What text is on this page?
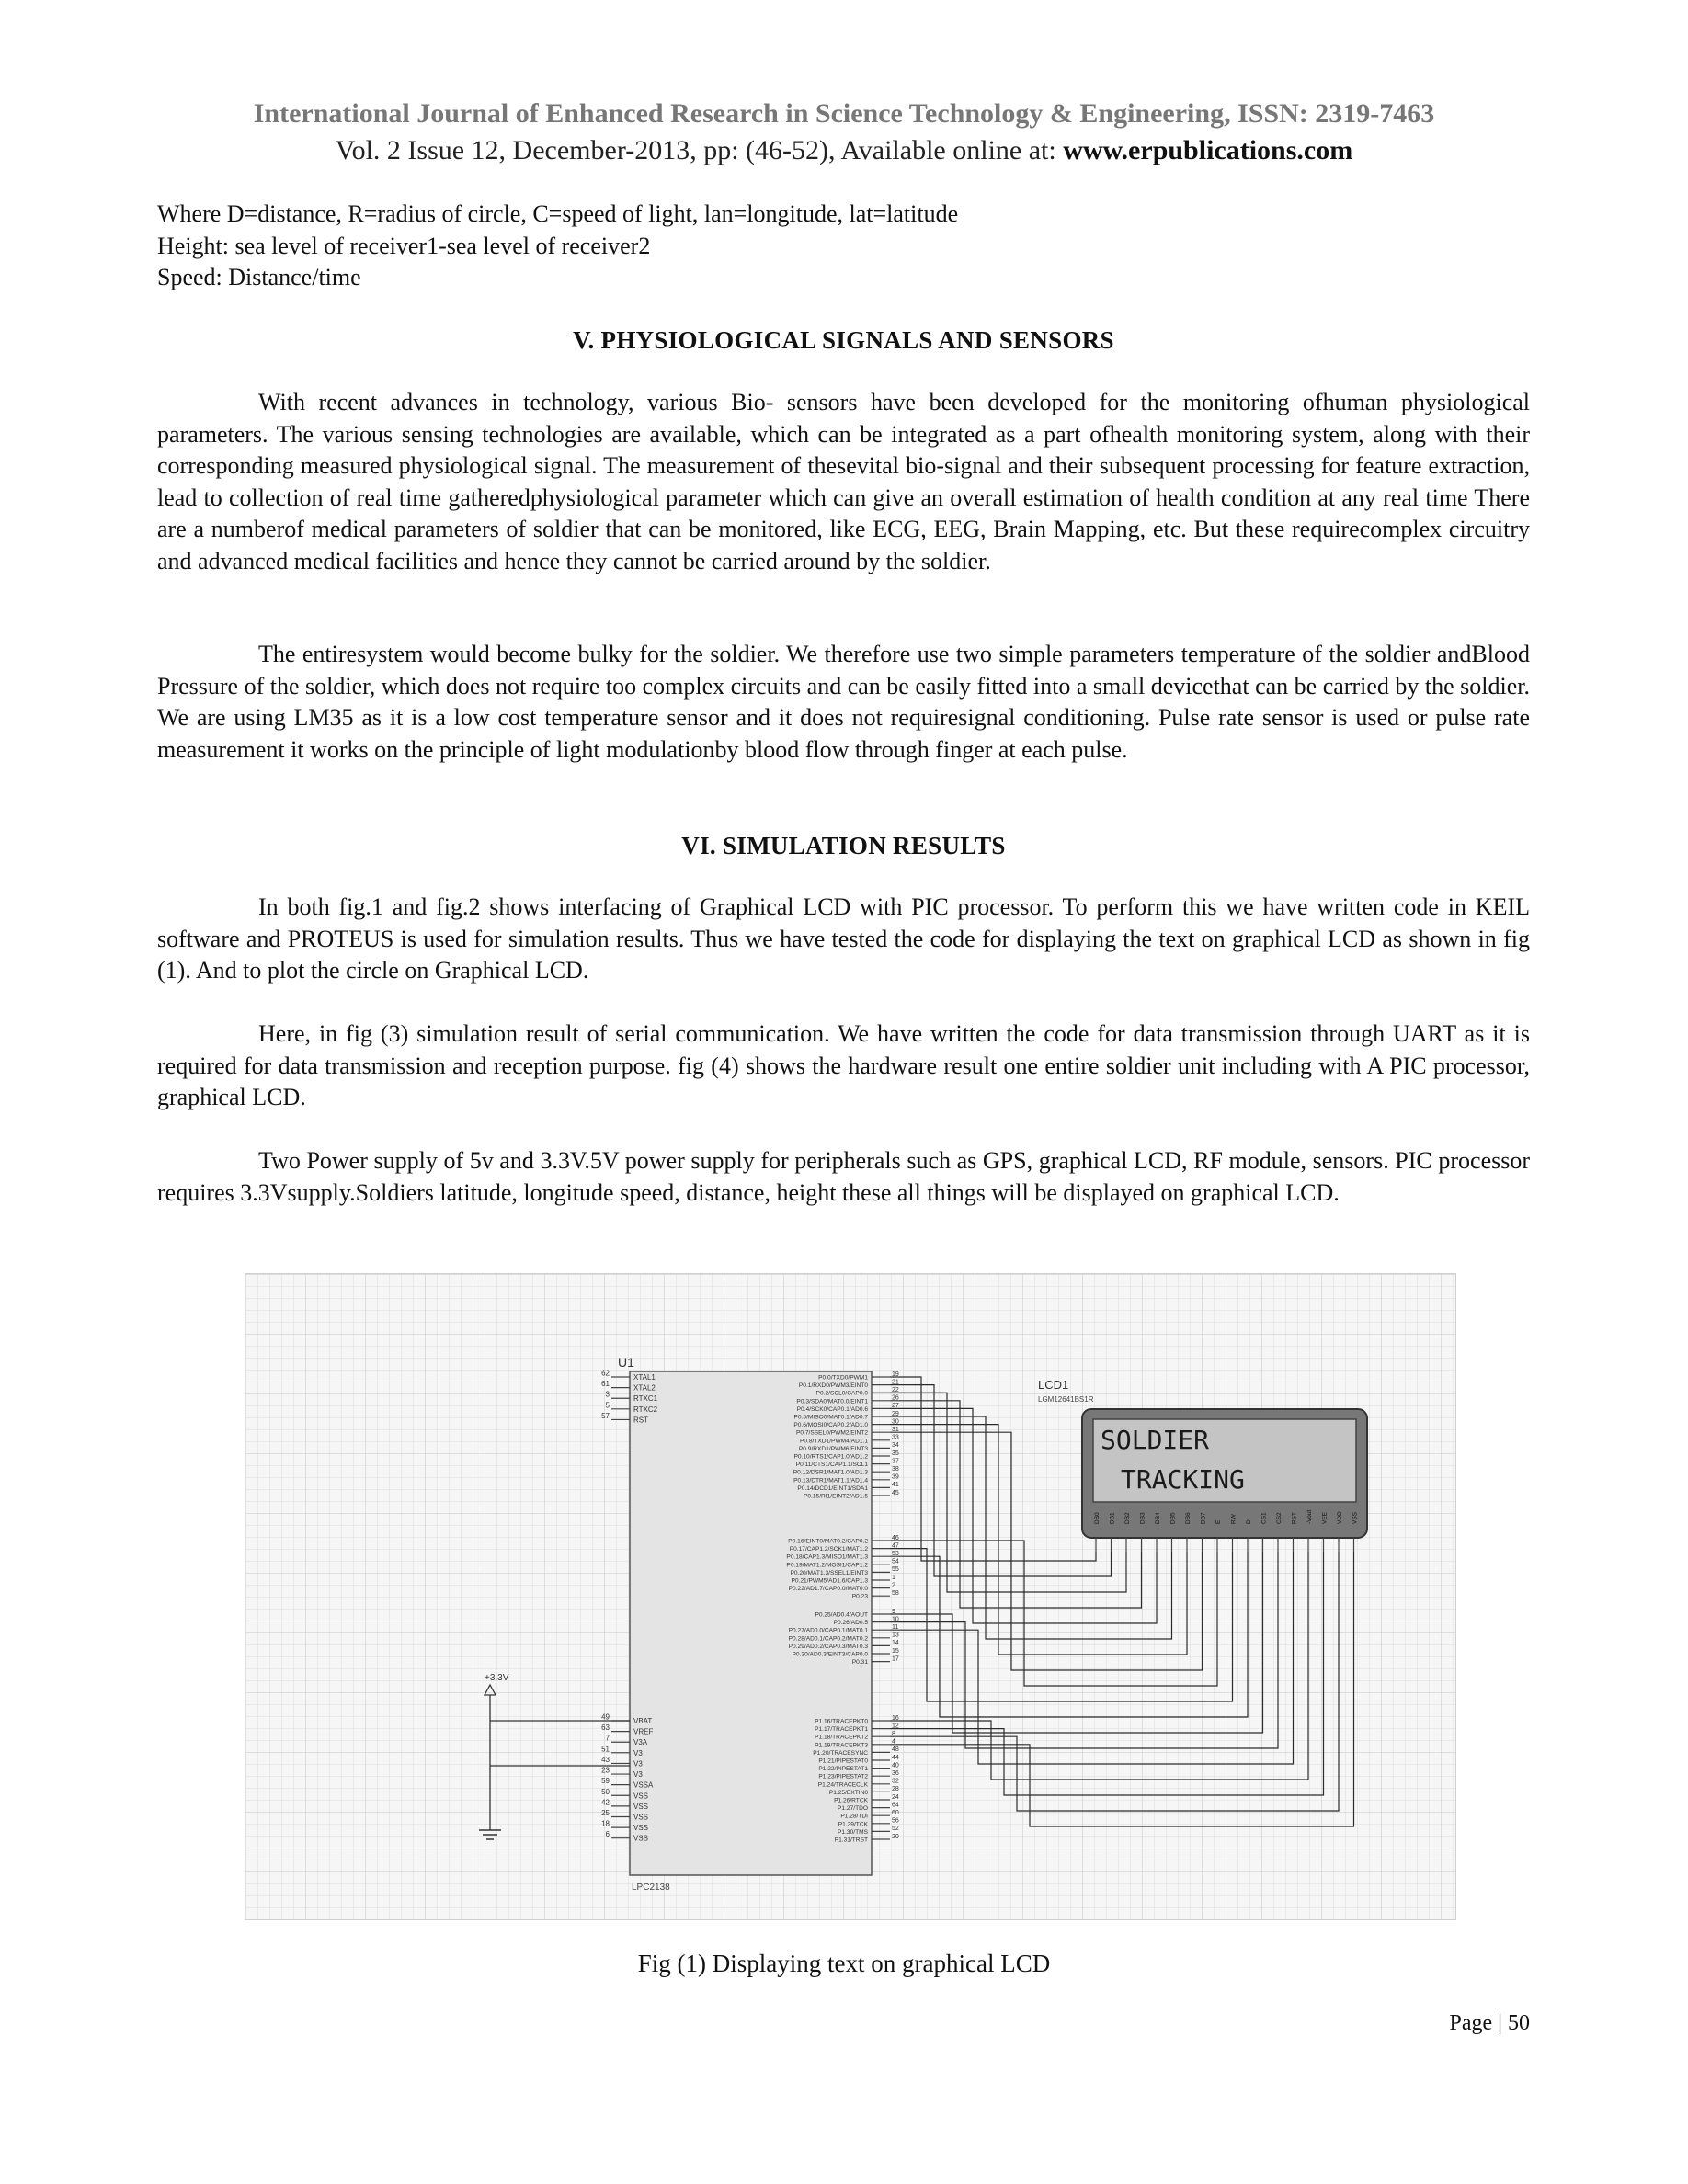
International Journal of Enhanced Research in Science Technology & Engineering, ISSN: 2319-7463
Vol. 2 Issue 12, December-2013, pp: (46-52), Available online at: www.erpublications.com
Where D=distance, R=radius of circle, C=speed of light, lan=longitude, lat=latitude
Height: sea level of receiver1-sea level of receiver2
Speed: Distance/time
V. PHYSIOLOGICAL SIGNALS AND SENSORS

With recent advances in technology, various Bio- sensors have been developed for the monitoring ofhuman physiological parameters. The various sensing technologies are available, which can be integrated as a part ofhealth monitoring system, along with their corresponding measured physiological signal. The measurement of thesevital bio-signal and their subsequent processing for feature extraction, lead to collection of real time gatheredphysiological parameter which can give an overall estimation of health condition at any real time There are a numberof medical parameters of soldier that can be monitored, like ECG, EEG, Brain Mapping, etc. But these requirecomplex circuitry and advanced medical facilities and hence they cannot be carried around by the soldier.

The entiresystem would become bulky for the soldier. We therefore use two simple parameters temperature of the soldier andBlood Pressure of the soldier, which does not require too complex circuits and can be easily fitted into a small devicethat can be carried by the soldier. We are using LM35 as it is a low cost temperature sensor and it does not requiresignal conditioning. Pulse rate sensor is used or pulse rate measurement it works on the principle of light modulationby blood flow through finger at each pulse.

VI. SIMULATION RESULTS

In both fig.1 and fig.2 shows interfacing of Graphical LCD with PIC processor. To perform this we have written code in KEIL software and PROTEUS is used for simulation results. Thus we have tested the code for displaying the text on graphical LCD as shown in fig (1). And to plot the circle on Graphical LCD.

Here, in fig (3) simulation result of serial communication. We have written the code for data transmission through UART as it is required for data transmission and reception purpose. fig (4) shows the hardware result one entire soldier unit including with A PIC processor, graphical LCD.

Two Power supply of 5v and 3.3V.5V power supply for peripherals such as GPS, graphical LCD, RF module, sensors. PIC processor requires 3.3Vsupply.Soldiers latitude, longitude speed, distance, height these all things will be displayed on graphical LCD.

U1
LPC2138
62	XTAL1
61	XTAL2
3	RTXC1
5	RTXC2
57	RST
49	VBAT
63	VREF
7	V3A
51	V3
43	V3
23	V3
59	VSSA
50	VSS
42	VSS
25	VSS
18	VSS
6	VSS
19
P0.0/TXD0/PWM1
21
P0.1/RXD0/PWM3/EINT0
22
P0.2/SCL0/CAP0.0
26
P0.3/SDA0/MAT0.0/EINT1
27
P0.4/SCK0/CAP0.1/AD0.6
29
P0.5/MISO0/MAT0.1/AD0.7
30
P0.6/MOSI0/CAP0.2/AD1.0
31
P0.7/SSEL0/PWM2/EINT2
33
P0.8/TXD1/PWM4/AD1.1
34
P0.9/RXD1/PWM6/EINT3
35
P0.10/RTS1/CAP1.0/AD1.2
37
P0.11/CTS1/CAP1.1/SCL1
38
P0.12/DSR1/MAT1.0/AD1.3
39
P0.13/DTR1/MAT1.1/AD1.4
41
P0.14/DCD1/EINT1/SDA1
45
P0.15/RI1/EINT2/AD1.5
46
P0.16/EINT0/MAT0.2/CAP0.2
47
P0.17/CAP1.2/SCK1/MAT1.2
53
P0.18/CAP1.3/MISO1/MAT1.3
54
P0.19/MAT1.2/MOSI1/CAP1.2
55
P0.20/MAT1.3/SSEL1/EINT3
1
P0.21/PWM5/AD1.6/CAP1.3
2
P0.22/AD1.7/CAP0.0/MAT0.0
58
P0.23
9
P0.25/AD0.4/AOUT
10
P0.26/AD0.5
11
P0.27/AD0.0/CAP0.1/MAT0.1
13
P0.28/AD0.1/CAP0.2/MAT0.2
14
P0.29/AD0.2/CAP0.3/MAT0.3
15
P0.30/AD0.3/EINT3/CAP0.0
17
P0.31
16
P1.16/TRACEPKT0
12
P1.17/TRACEPKT1
8
P1.18/TRACEPKT2
4
P1.19/TRACEPKT3
48
P1.20/TRACESYNC
44
P1.21/PIPESTAT0
40
P1.22/PIPESTAT1
36
P1.23/PIPESTAT2
32
P1.24/TRACECLK
28
P1.25/EXTIN0
24
P1.26/RTCK
64
P1.27/TDO
60
P1.28/TDI
56
P1.29/TCK
52
P1.30/TMS
20
P1.31/TRST
LCD1
LGM12641BS1R
SOLDIER
TRACKING
DB0 DB1 DB2 DB3 DB4 DB5 DB6 DB7 E RW DI CS1 CS2 RST -Vout VEE VDD VSS
+3.3V
Fig (1) Displaying text on graphical LCD
Page | 50
